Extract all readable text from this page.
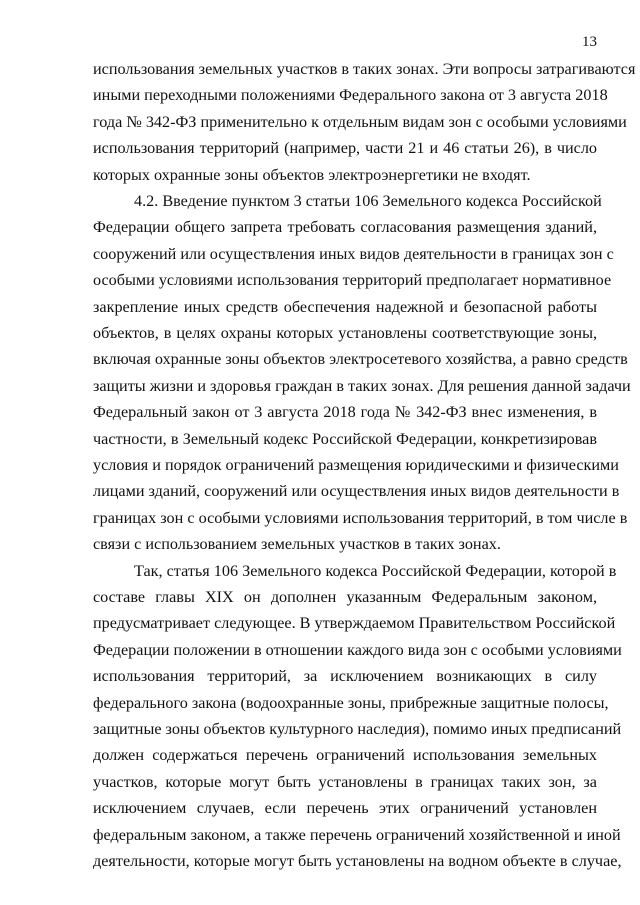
13
использования земельных участков в таких зонах. Эти вопросы затрагиваются
иными переходными положениями Федерального закона от 3 августа 2018
года № 342-ФЗ применительно к отдельным видам зон с особыми условиями
использования территорий (например, части 21 и 46 статьи 26), в число
которых охранные зоны объектов электроэнергетики не входят.
4.2. Введение пунктом 3 статьи 106 Земельного кодекса Российской
Федерации общего запрета требовать согласования размещения зданий,
сооружений или осуществления иных видов деятельности в границах зон с
особыми условиями использования территорий предполагает нормативное
закрепление иных средств обеспечения надежной и безопасной работы
объектов, в целях охраны которых установлены соответствующие зоны,
включая охранные зоны объектов электросетевого хозяйства, а равно средств
защиты жизни и здоровья граждан в таких зонах. Для решения данной задачи
Федеральный закон от 3 августа 2018 года № 342-ФЗ внес изменения, в
частности, в Земельный кодекс Российской Федерации, конкретизировав
условия и порядок ограничений размещения юридическими и физическими
лицами зданий, сооружений или осуществления иных видов деятельности в
границах зон с особыми условиями использования территорий, в том числе в
связи с использованием земельных участков в таких зонах.
Так, статья 106 Земельного кодекса Российской Федерации, которой в
составе главы XIX он дополнен указанным Федеральным законом,
предусматривает следующее. В утверждаемом Правительством Российской
Федерации положении в отношении каждого вида зон с особыми условиями
использования территорий, за исключением возникающих в силу
федерального закона (водоохранные зоны, прибрежные защитные полосы,
защитные зоны объектов культурного наследия), помимо иных предписаний
должен содержаться перечень ограничений использования земельных
участков, которые могут быть установлены в границах таких зон, за
исключением случаев, если перечень этих ограничений установлен
федеральным законом, а также перечень ограничений хозяйственной и иной
деятельности, которые могут быть установлены на водном объекте в случае,
